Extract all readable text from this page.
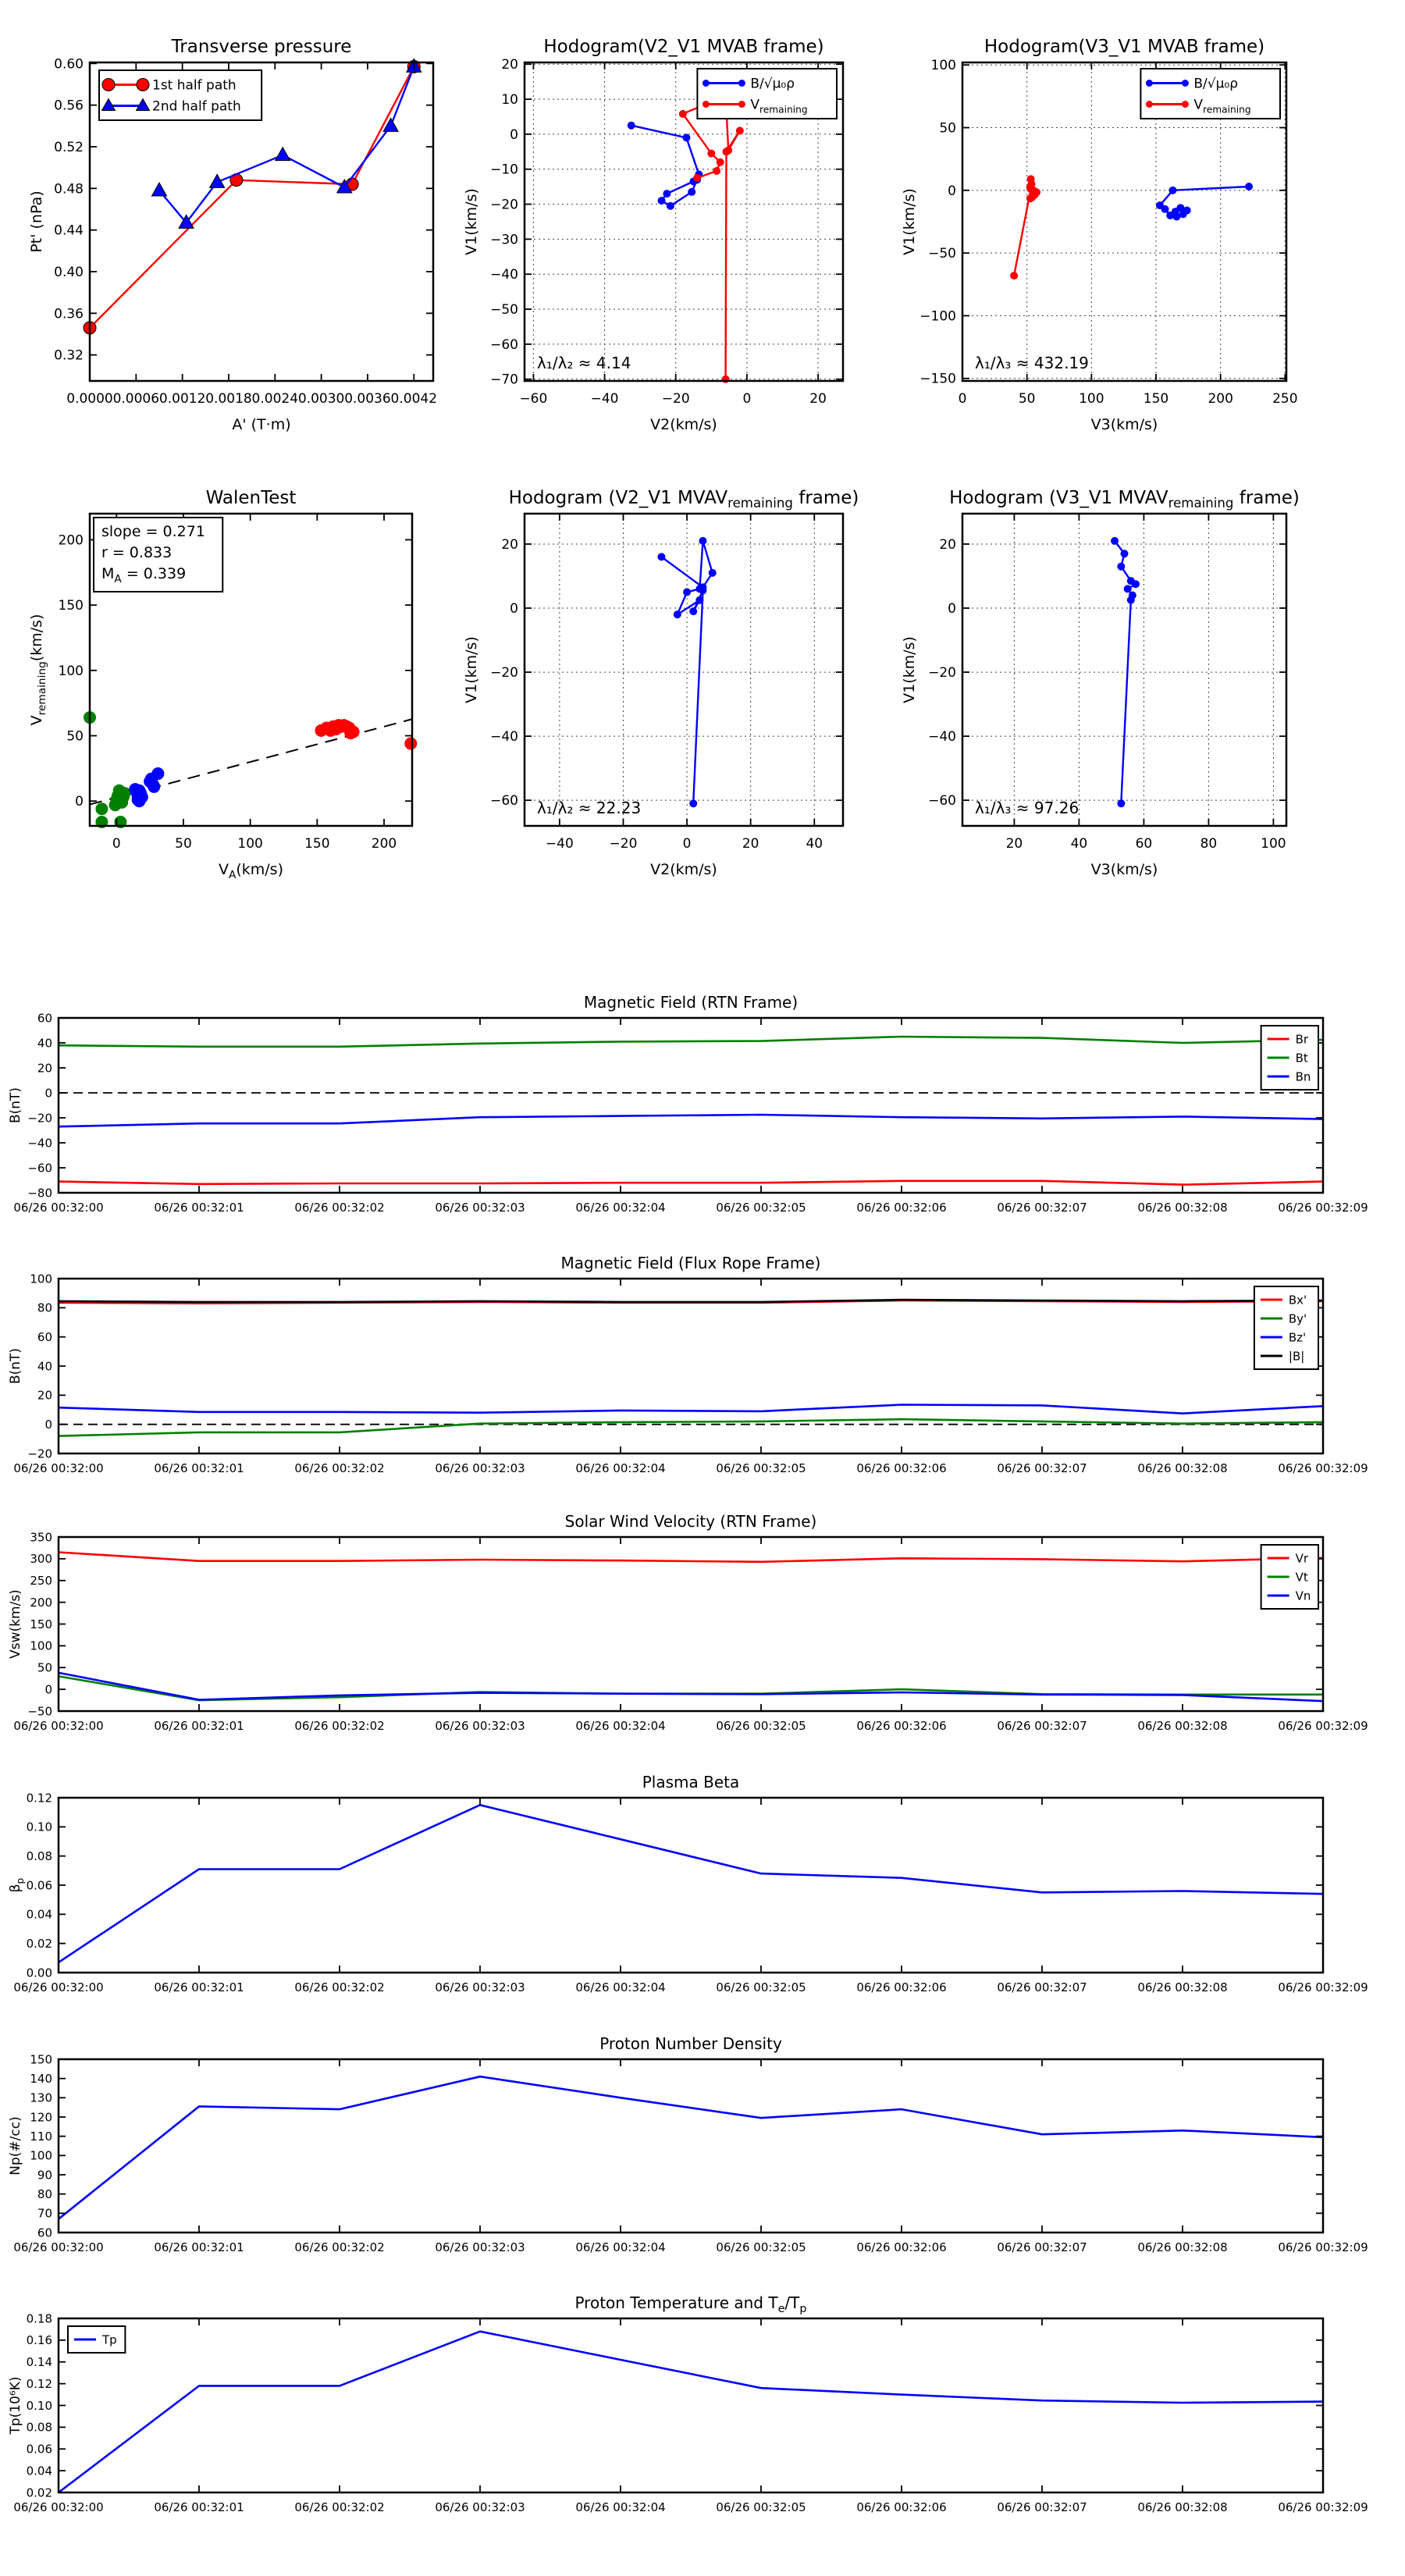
0.0000 0.0006 0.0012 0.0018 0.0024 0.0030 0.0036 0.0042
0.60
0.56
0.52
0.48
0.44
0.40
0.36
0.32
Transverse pressure
A' (T·m)
Pt' (nPa)
1st half path
2nd half path
−60	−40	−20	0	20
20
10
0
−10
−20
−30
−40
−50
−60
−70
Hodogram(V2_V1 MVAB frame)
V2(km/s)
V1(km/s)
B/√μ₀ρ
$V_{remaining}$
λ₁/λ₂ ≈ 4.14
0	50	100	150	200	250
100
50
0
−50
−100
−150
Hodogram(V3_V1 MVAB frame)
V3(km/s)
V1(km/s)
B/√μ₀ρ
$V_{remaining}$
λ₁/λ₃ ≈ 432.19
0	50	100	150	200
0
50
100
150
200
WalenTest
$V_A(km/s)$
$V_{remaining}(km/s)$
slope = 0.271
r = 0.833
$M_A = 0.339$
−40	−20	0	20	40
20
0
−20
−40
−60
Hodogram (V2_V1 $MVAV_{remaining}$ frame)
V2(km/s)
V1(km/s)
λ₁/λ₂ ≈ 22.23
20	40	60	80	100
20
0
−20
−40
−60
Hodogram (V3_V1 $MVAV_{remaining}$ frame)
V3(km/s)
V1(km/s)
λ₁/λ₃ ≈ 97.26
06/26 00:32:00	06/26 00:32:01	06/26 00:32:02	06/26 00:32:03	06/26 00:32:04	06/26 00:32:05	06/26 00:32:06	06/26 00:32:07	06/26 00:32:08	06/26 00:32:09
60
40
20
0
−20
−40
−60
−80
Magnetic Field (RTN Frame)
B(nT)
Br
Bt
Bn
06/26 00:32:00	06/26 00:32:01	06/26 00:32:02	06/26 00:32:03	06/26 00:32:04	06/26 00:32:05	06/26 00:32:06	06/26 00:32:07	06/26 00:32:08	06/26 00:32:09
100
80
60
40
20
0
−20
Magnetic Field (Flux Rope Frame)
B(nT)
Bx'
By'
Bz'
|B|
06/26 00:32:00	06/26 00:32:01	06/26 00:32:02	06/26 00:32:03	06/26 00:32:04	06/26 00:32:05	06/26 00:32:06	06/26 00:32:07	06/26 00:32:08	06/26 00:32:09
350
300
250
200
150
100
50
0
−50
Solar Wind Velocity (RTN Frame)
Vsw(km/s)
Vr
Vt
Vn
06/26 00:32:00	06/26 00:32:01	06/26 00:32:02	06/26 00:32:03	06/26 00:32:04	06/26 00:32:05	06/26 00:32:06	06/26 00:32:07	06/26 00:32:08	06/26 00:32:09
0.12
0.10
0.08
0.06
0.04
0.02
0.00
Plasma Beta
$\beta_p$
06/26 00:32:00	06/26 00:32:01	06/26 00:32:02	06/26 00:32:03	06/26 00:32:04	06/26 00:32:05	06/26 00:32:06	06/26 00:32:07	06/26 00:32:08	06/26 00:32:09
150
140
130
120
110
100
90
80
70
60
Proton Number Density
Np(#/cc)
06/26 00:32:00	06/26 00:32:01	06/26 00:32:02	06/26 00:32:03	06/26 00:32:04	06/26 00:32:05	06/26 00:32:06	06/26 00:32:07	06/26 00:32:08	06/26 00:32:09
0.18
0.16
0.14
0.12
0.10
0.08
0.06
0.04
0.02
Proton Temperature and $T_e/T_p$
Tp(10⁶K)
Tp
